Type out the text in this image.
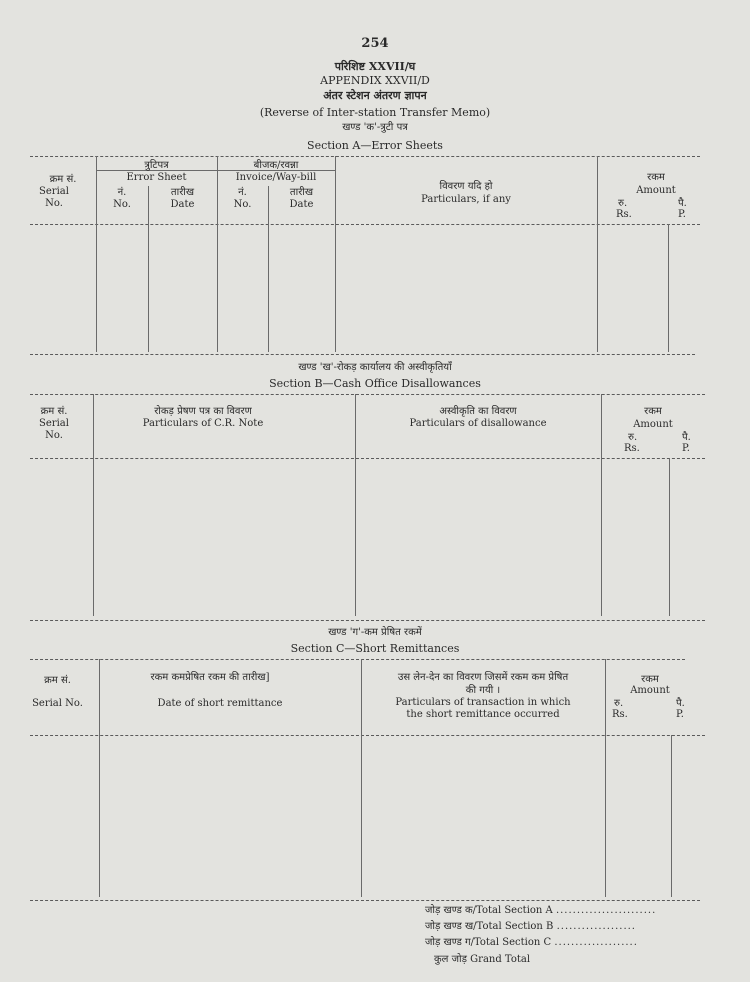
254
परिशिष्ट XXVII/घ
APPENDIX XXVII/D
अंतर स्टेशन अंतरण ज्ञापन
(Reverse of Inter-station Transfer Memo)
खण्ड 'क'-त्रुटी पत्र
Section A—Error Sheets
क्रम सं.
Serial No.
त्रुटिपत्र
Error Sheet
नं.
No.
तारीख
Date
बीजक/रवन्ना
Invoice/Way-bill
नं.
No.
तारीख
Date
विवरण यदि हो
Particulars, if any
रकम
Amount
रु.
Rs.
पै.
P.
खण्ड 'ख'-रोकड़ कार्यालय की अस्वीकृतियाँ
Section B—Cash Office Disallowances
क्रम सं.
Serial No.
रोकड़ प्रेषण पत्र का विवरण
Particulars of C.R. Note
अस्वीकृति का विवरण
Particulars of disallowance
रकम
Amount
रु.
Rs.
पै.
P.
खण्ड 'ग'-कम प्रेषित रकमें
Section C—Short Remittances
क्रम सं.
Serial No.
रकम कमप्रेषित रकम की तारीख]
Date of short remittance
उस लेन-देन का विवरण जिसमें रकम कम प्रेषित
की गयी ।
Particulars of transaction in which
the short remittance occurred
रकम
Amount
रु.
Rs.
पै.
P.
जोड़ खण्ड क/Total Section A ........................
जोड़ खण्ड ख/Total Section B ...................
जोड़ खण्ड ग/Total Section C ....................
कुल जोड़ Grand Total
